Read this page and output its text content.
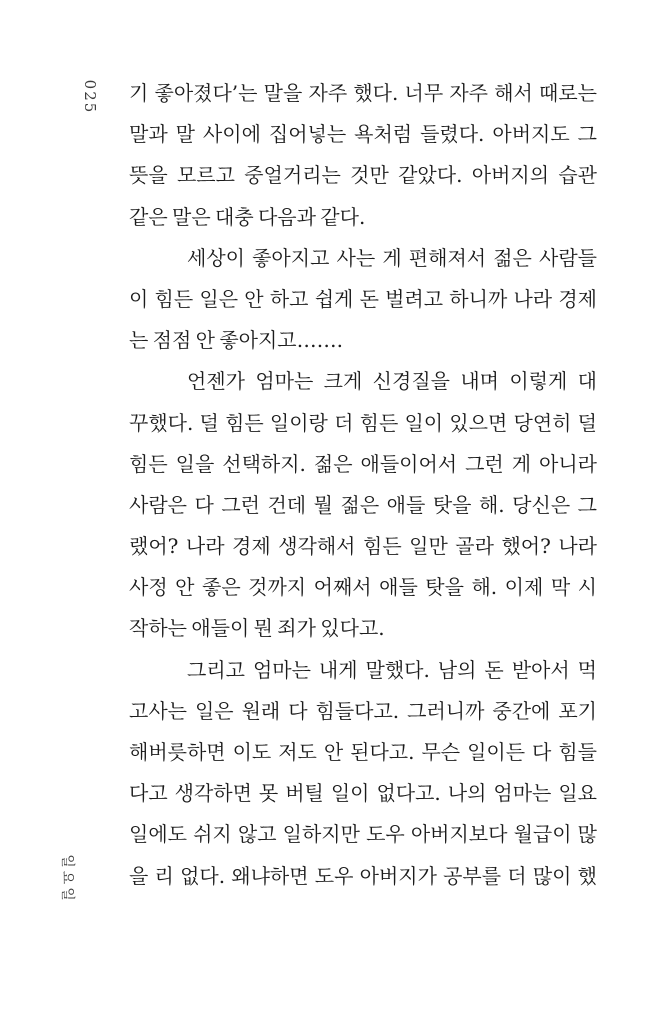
025
일요일
기 좋아졌다’는 말을 자주 했다. 너무 자주 해서 때로는
말과 말 사이에 집어넣는 욕처럼 들렸다. 아버지도 그
뜻을 모르고 중얼거리는 것만 같았다. 아버지의 습관
같은 말은 대충 다음과 같다.
세상이 좋아지고 사는 게 편해져서 젊은 사람들
이 힘든 일은 안 하고 쉽게 돈 벌려고 하니까 나라 경제
는 점점 안 좋아지고…….
언젠가 엄마는 크게 신경질을 내며 이렇게 대
꾸했다. 덜 힘든 일이랑 더 힘든 일이 있으면 당연히 덜
힘든 일을 선택하지. 젊은 애들이어서 그런 게 아니라
사람은 다 그런 건데 뭘 젊은 애들 탓을 해. 당신은 그
랬어? 나라 경제 생각해서 힘든 일만 골라 했어? 나라
사정 안 좋은 것까지 어째서 애들 탓을 해. 이제 막 시
작하는 애들이 뭔 죄가 있다고.
그리고 엄마는 내게 말했다. 남의 돈 받아서 먹
고사는 일은 원래 다 힘들다고. 그러니까 중간에 포기
해버릇하면 이도 저도 안 된다고. 무슨 일이든 다 힘들
다고 생각하면 못 버틸 일이 없다고. 나의 엄마는 일요
일에도 쉬지 않고 일하지만 도우 아버지보다 월급이 많
을 리 없다. 왜냐하면 도우 아버지가 공부를 더 많이 했
